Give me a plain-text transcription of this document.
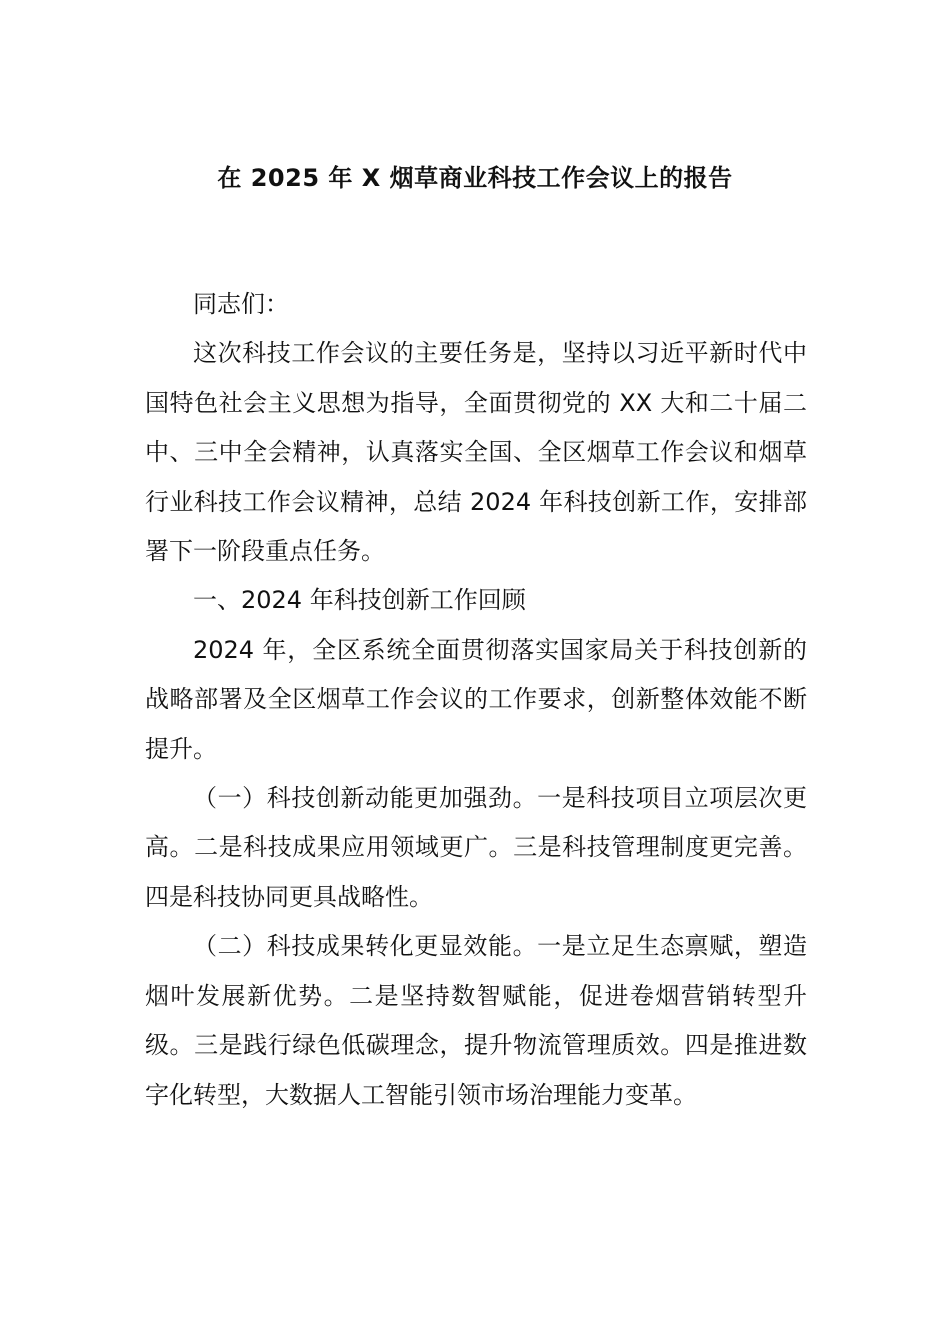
在 2025 年 X 烟草商业科技工作会议上的报告

同志们：

这次科技工作会议的主要任务是，坚持以习近平新时代中国特色社会主义思想为指导，全面贯彻党的 XX 大和二十届二中、三中全会精神，认真落实全国、全区烟草工作会议和烟草行业科技工作会议精神，总结 2024 年科技创新工作，安排部署下一阶段重点任务。

一、2024 年科技创新工作回顾

2024 年，全区系统全面贯彻落实国家局关于科技创新的战略部署及全区烟草工作会议的工作要求，创新整体效能不断提升。

（一）科技创新动能更加强劲。一是科技项目立项层次更高。二是科技成果应用领域更广。三是科技管理制度更完善。四是科技协同更具战略性。

（二）科技成果转化更显效能。一是立足生态禀赋，塑造烟叶发展新优势。二是坚持数智赋能，促进卷烟营销转型升级。三是践行绿色低碳理念，提升物流管理质效。四是推进数字化转型，大数据人工智能引领市场治理能力变革。
